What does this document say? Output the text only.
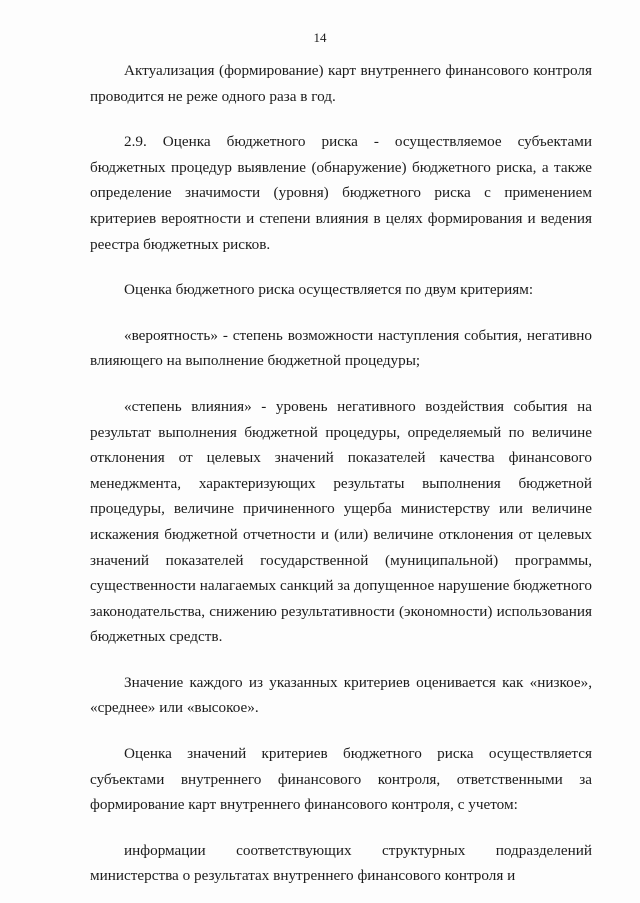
14

Актуализация (формирование) карт внутреннего финансового контроля проводится не реже одного раза в год.

2.9. Оценка бюджетного риска - осуществляемое субъектами бюджетных процедур выявление (обнаружение) бюджетного риска, а также определение значимости (уровня) бюджетного риска с применением критериев вероятности и степени влияния в целях формирования и ведения реестра бюджетных рисков.

Оценка бюджетного риска осуществляется по двум критериям:

«вероятность» - степень возможности наступления события, негативно влияющего на выполнение бюджетной процедуры;

«степень влияния» - уровень негативного воздействия события на результат выполнения бюджетной процедуры, определяемый по величине отклонения от целевых значений показателей качества финансового менеджмента, характеризующих результаты выполнения бюджетной процедуры, величине причиненного ущерба министерству или величине искажения бюджетной отчетности и (или) величине отклонения от целевых значений показателей государственной (муниципальной) программы, существенности налагаемых санкций за допущенное нарушение бюджетного законодательства, снижению результативности (экономности) использования бюджетных средств.

Значение каждого из указанных критериев оценивается как «низкое», «среднее» или «высокое».

Оценка значений критериев бюджетного риска осуществляется субъектами внутреннего финансового контроля, ответственными за формирование карт внутреннего финансового контроля, с учетом:

информации соответствующих структурных подразделений министерства о результатах внутреннего финансового контроля и
